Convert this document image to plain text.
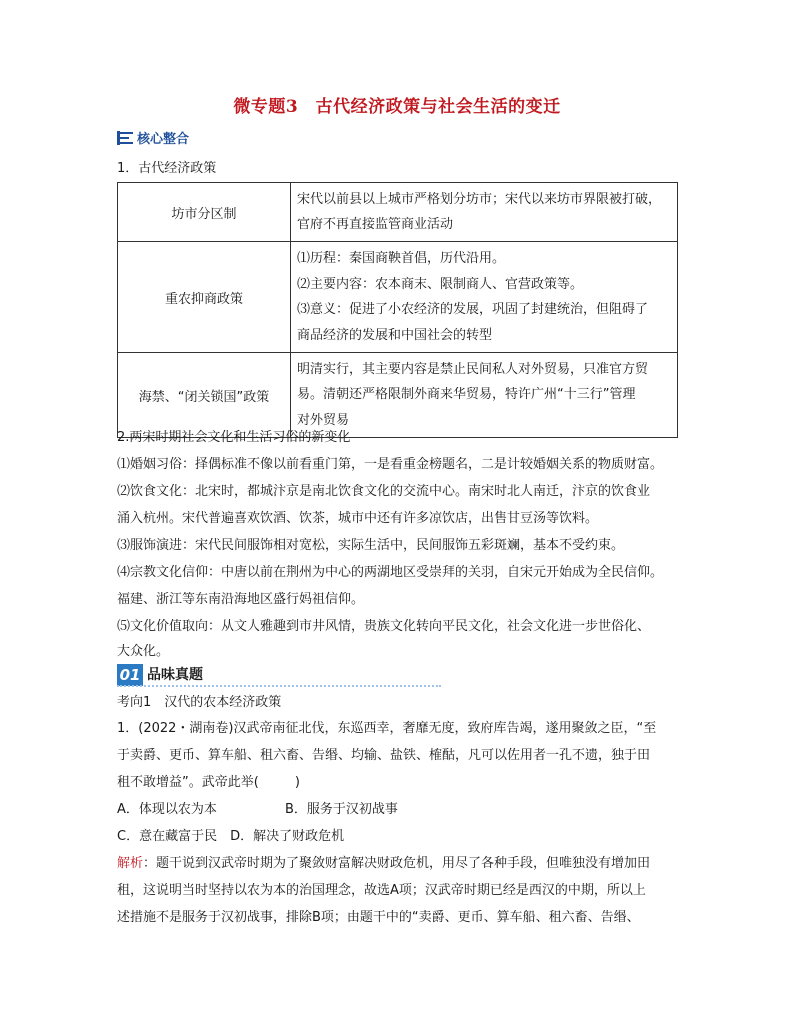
微专题3　古代经济政策与社会生活的变迁
核心整合

1．古代经济政策

坊市分区制	宋代以前县以上城市严格划分坊市；宋代以来坊市界限被打破，
官府不再直接监管商业活动

重农抑商政策	⑴历程：秦国商鞅首倡，历代沿用。
⑵主要内容：农本商末、限制商人、官营政策等。
⑶意义：促进了小农经济的发展，巩固了封建统治，但阻碍了
商品经济的发展和中国社会的转型

海禁、“闭关锁国”政策	明清实行，其主要内容是禁止民间私人对外贸易，只准官方贸
易。清朝还严格限制外商来华贸易，特许广州“十三行”管理
对外贸易

2.两宋时期社会文化和生活习俗的新变化

⑴婚姻习俗：择偶标准不像以前看重门第，一是看重金榜题名，二是计较婚姻关系的物质财富。

⑵饮食文化：北宋时，都城汴京是南北饮食文化的交流中心。南宋时北人南迁，汴京的饮食业

涌入杭州。宋代普遍喜欢饮酒、饮茶，城市中还有许多凉饮店，出售甘豆汤等饮料。

⑶服饰演进：宋代民间服饰相对宽松，实际生活中，民间服饰五彩斑斓，基本不受约束。

⑷宗教文化信仰：中唐以前在荆州为中心的两湖地区受崇拜的关羽，自宋元开始成为全民信仰。

福建、浙江等东南沿海地区盛行妈祖信仰。

⑸文化价值取向：从文人雅趣到市井风情，贵族文化转向平民文化，社会文化进一步世俗化、

大众化。

01 品味真题

考向1　汉代的农本经济政策

1．(2022・湖南卷)汉武帝南征北伐，东巡西幸，奢靡无度，致府库告竭，遂用聚敛之臣，“至

于卖爵、更币、算车船、租六畜、告缗、均输、盐铁、榷酤，凡可以佐用者一孔不遗，独于田

租不敢增益”。武帝此举(	)

A．体现以农为本	B．服务于汉初战事

C．意在藏富于民　D．解决了财政危机

解析：题干说到汉武帝时期为了聚敛财富解决财政危机，用尽了各种手段，但唯独没有增加田

租，这说明当时坚持以农为本的治国理念，故选A项；汉武帝时期已经是西汉的中期，所以上

述措施不是服务于汉初战事，排除B项；由题干中的“卖爵、更币、算车船、租六畜、告缗、
